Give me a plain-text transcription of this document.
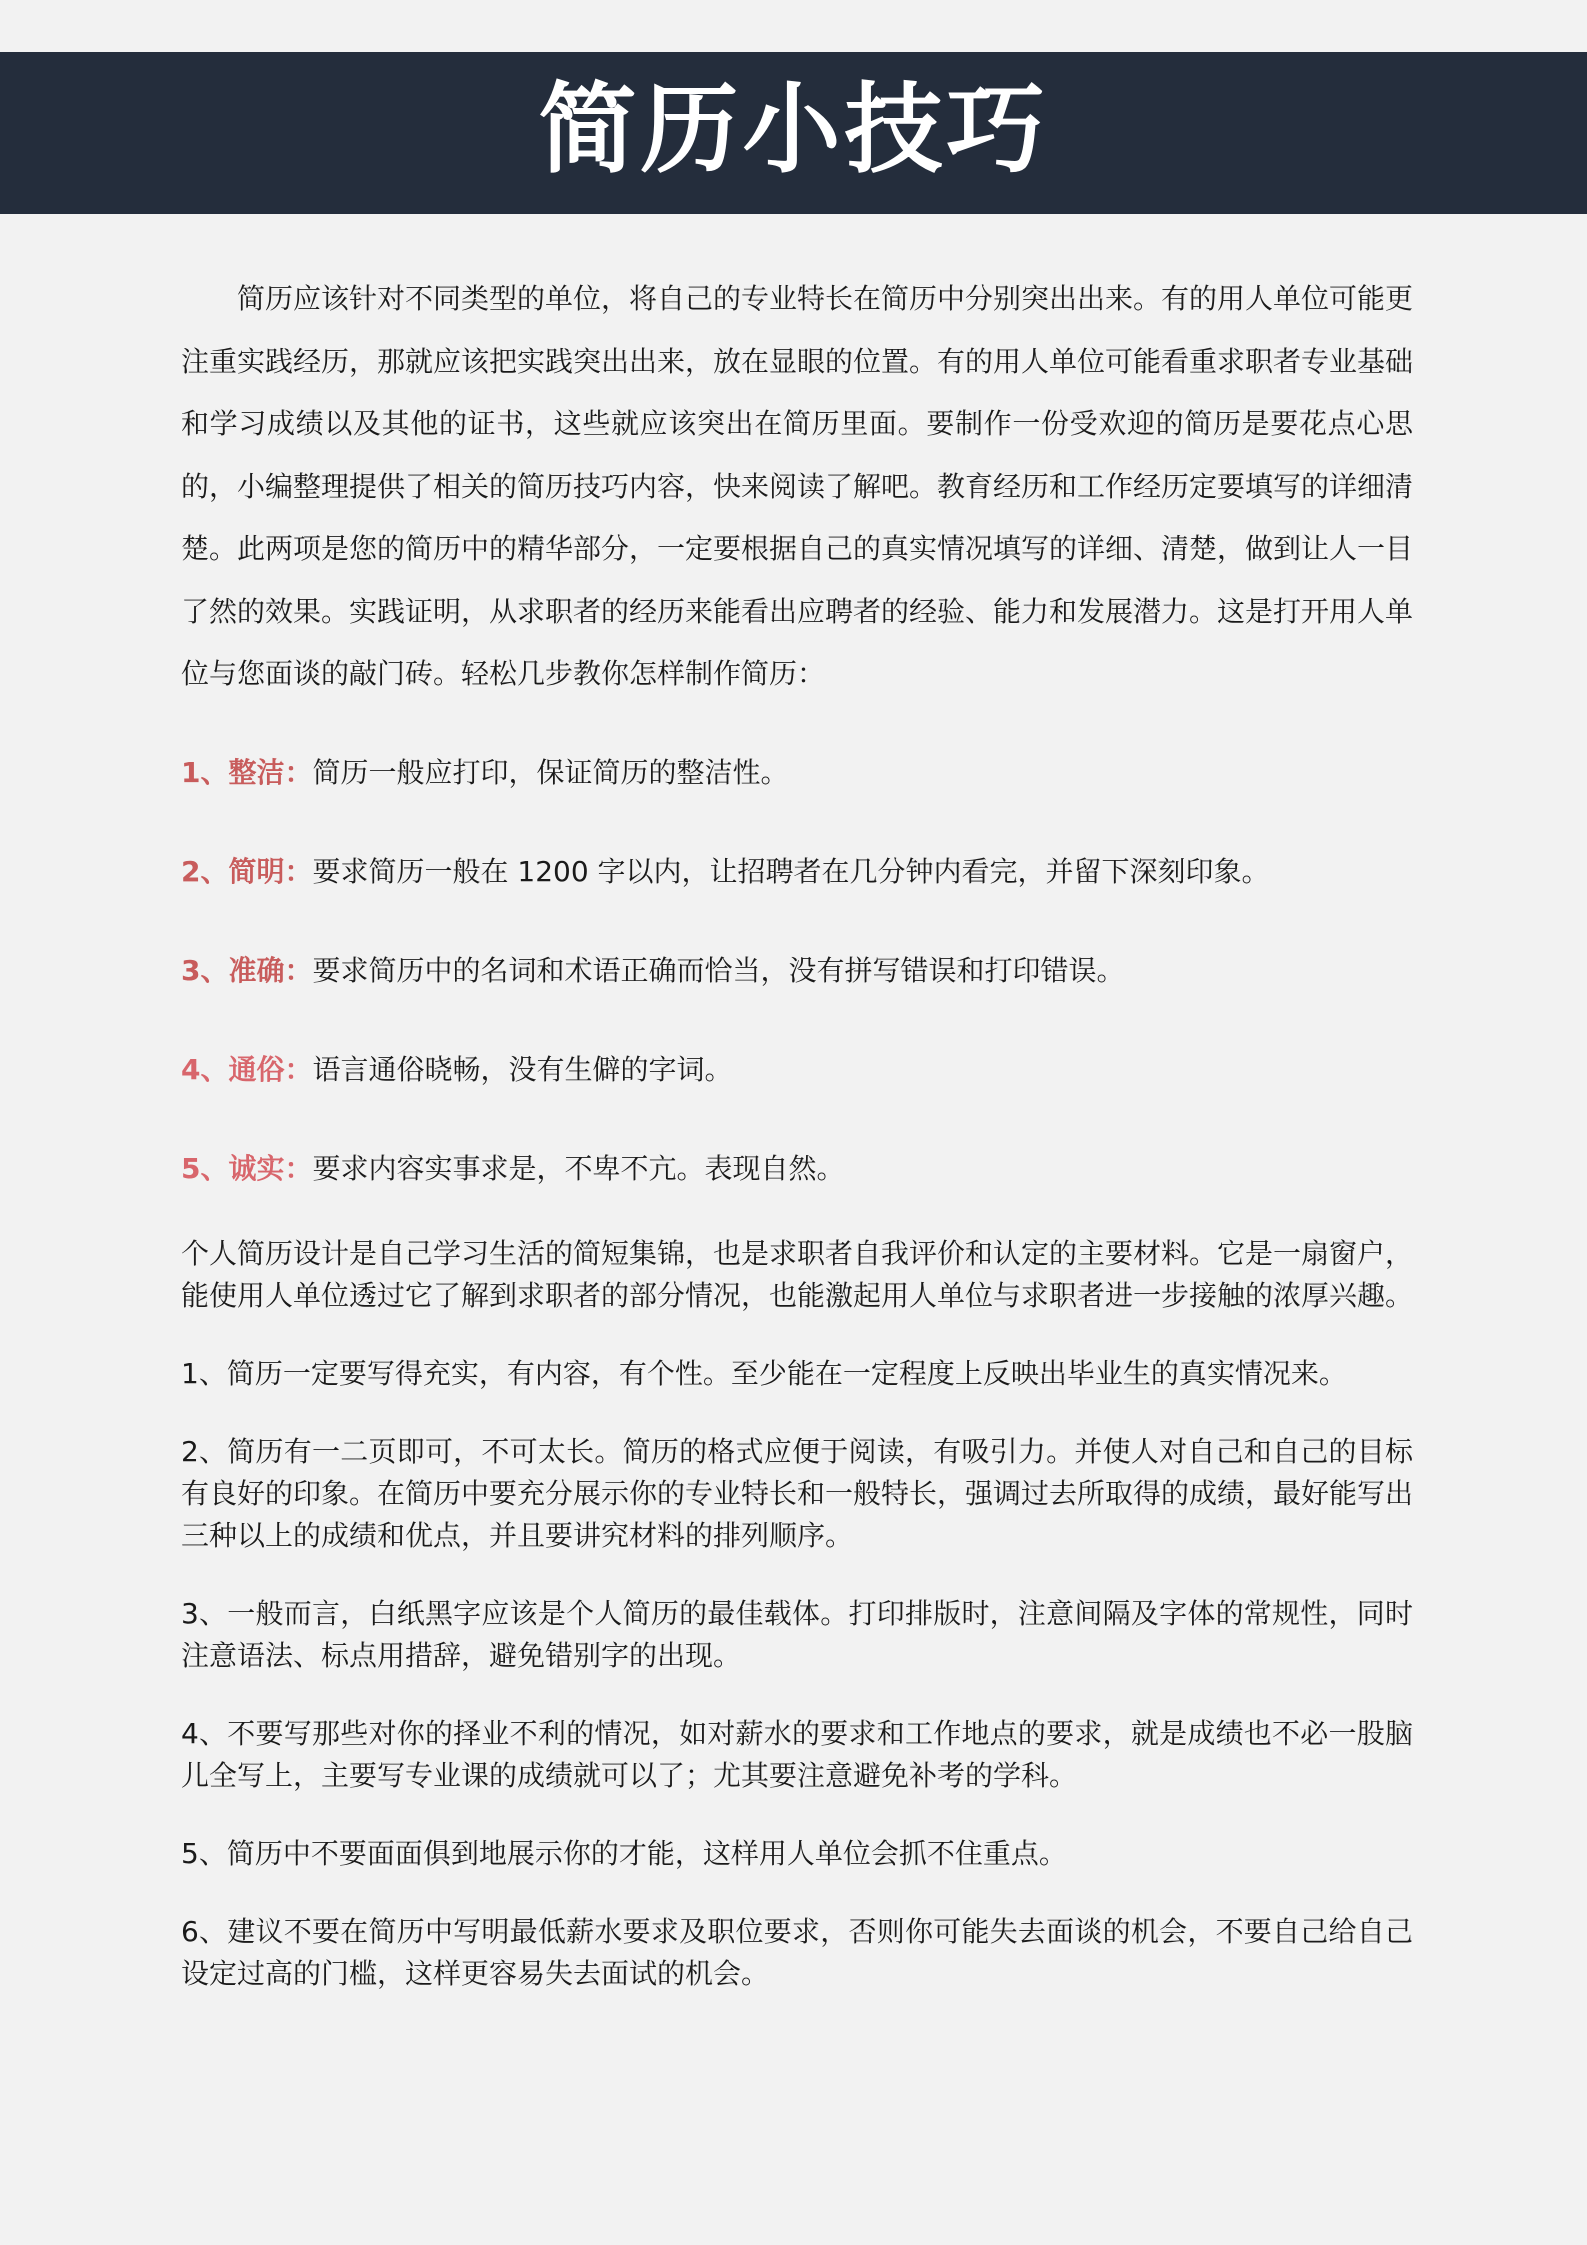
简历小技巧

简历应该针对不同类型的单位，将自己的专业特长在简历中分别突出出来。有的用人单位可能更注重实践经历，那就应该把实践突出出来，放在显眼的位置。有的用人单位可能看重求职者专业基础和学习成绩以及其他的证书，这些就应该突出在简历里面。要制作一份受欢迎的简历是要花点心思的，小编整理提供了相关的简历技巧内容，快来阅读了解吧。教育经历和工作经历定要填写的详细清楚。此两项是您的简历中的精华部分，一定要根据自己的真实情况填写的详细、清楚，做到让人一目了然的效果。实践证明，从求职者的经历来能看出应聘者的经验、能力和发展潜力。这是打开用人单位与您面谈的敲门砖。轻松几步教你怎样制作简历：

1、整洁：简历一般应打印，保证简历的整洁性。
2、简明：要求简历一般在 1200 字以内，让招聘者在几分钟内看完，并留下深刻印象。
3、准确：要求简历中的名词和术语正确而恰当，没有拼写错误和打印错误。
4、通俗：语言通俗晓畅，没有生僻的字词。
5、诚实：要求内容实事求是，不卑不亢。表现自然。

个人简历设计是自己学习生活的简短集锦，也是求职者自我评价和认定的主要材料。它是一扇窗户，能使用人单位透过它了解到求职者的部分情况，也能激起用人单位与求职者进一步接触的浓厚兴趣。

1、简历一定要写得充实，有内容，有个性。至少能在一定程度上反映出毕业生的真实情况来。

2、简历有一二页即可，不可太长。简历的格式应便于阅读，有吸引力。并使人对自己和自己的目标有良好的印象。在简历中要充分展示你的专业特长和一般特长，强调过去所取得的成绩，最好能写出三种以上的成绩和优点，并且要讲究材料的排列顺序。

3、一般而言，白纸黑字应该是个人简历的最佳载体。打印排版时，注意间隔及字体的常规性，同时注意语法、标点用措辞，避免错别字的出现。

4、不要写那些对你的择业不利的情况，如对薪水的要求和工作地点的要求，就是成绩也不必一股脑儿全写上，主要写专业课的成绩就可以了；尤其要注意避免补考的学科。

5、简历中不要面面俱到地展示你的才能，这样用人单位会抓不住重点。

6、建议不要在简历中写明最低薪水要求及职位要求，否则你可能失去面谈的机会，不要自己给自己设定过高的门槛，这样更容易失去面试的机会。
